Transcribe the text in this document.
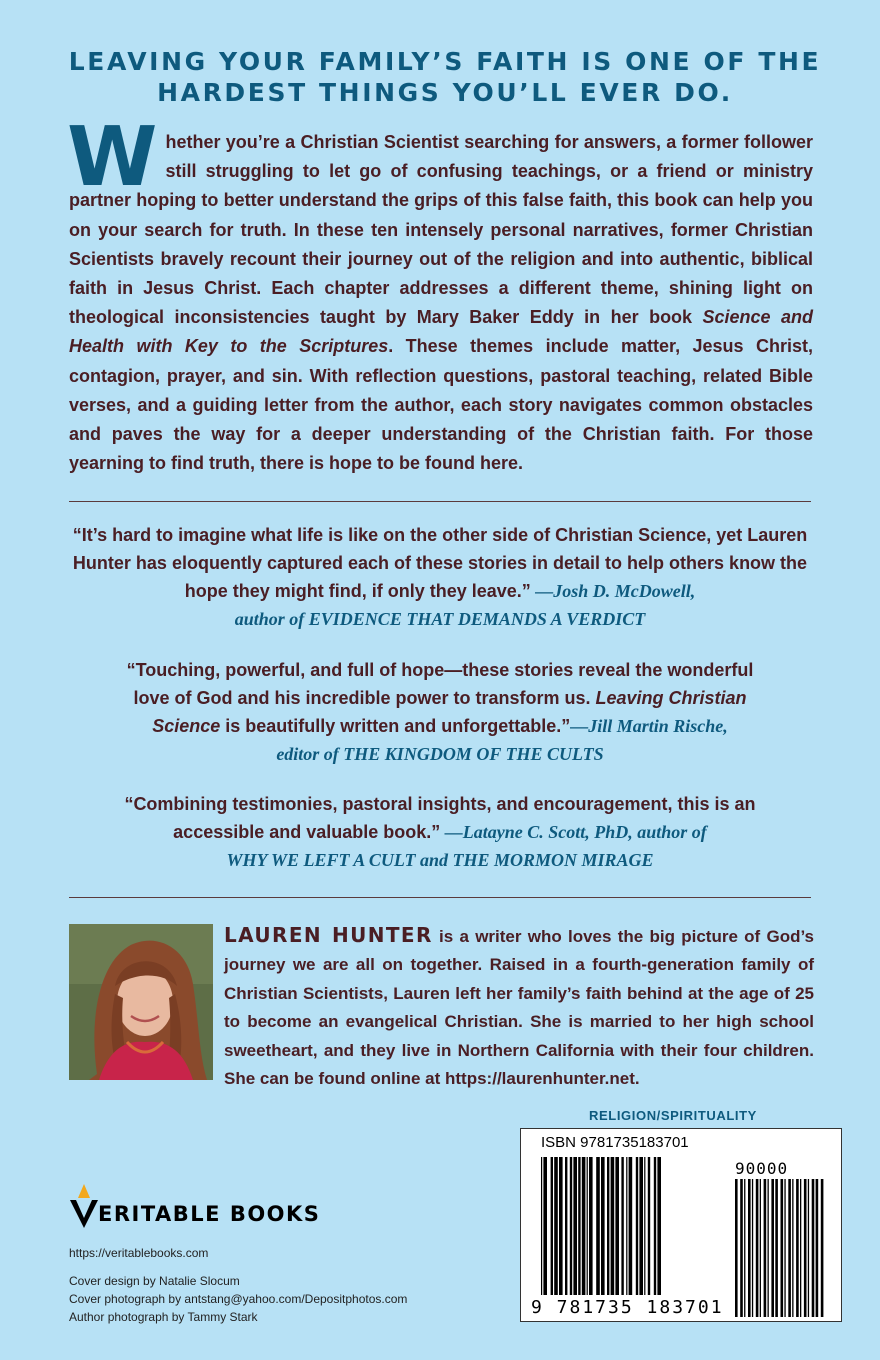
LEAVING YOUR FAMILY’S FAITH IS ONE OF THE
HARDEST THINGS YOU’LL EVER DO.
Whether you’re a Christian Scientist searching for answers, a former follower still struggling to let go of confusing teachings, or a friend or ministry partner hoping to better understand the grips of this false faith, this book can help you on your search for truth. In these ten intensely personal narratives, former Christian Scientists bravely recount their journey out of the religion and into authentic, biblical faith in Jesus Christ. Each chapter addresses a different theme, shining light on theological inconsistencies taught by Mary Baker Eddy in her book Science and Health with Key to the Scriptures. These themes include matter, Jesus Christ, contagion, prayer, and sin. With reflection questions, pastoral teaching, related Bible verses, and a guiding letter from the author, each story navigates common obstacles and paves the way for a deeper understanding of the Christian faith. For those yearning to find truth, there is hope to be found here.
“It’s hard to imagine what life is like on the other side of Christian Science, yet Lauren Hunter has eloquently captured each of these stories in detail to help others know the hope they might find, if only they leave.” —Josh D. McDowell,
author of EVIDENCE THAT DEMANDS A VERDICT
“Touching, powerful, and full of hope—these stories reveal the wonderful love of God and his incredible power to transform us. Leaving Christian Science is beautifully written and unforgettable.”—Jill Martin Rische,
editor of THE KINGDOM OF THE CULTS
“Combining testimonies, pastoral insights, and encouragement, this is an accessible and valuable book.” —Latayne C. Scott, PhD, author of
WHY WE LEFT A CULT and THE MORMON MIRAGE
LAUREN HUNTER is a writer who loves the big picture of God’s journey we are all on together. Raised in a fourth-generation family of Christian Scientists, Lauren left her family’s faith behind at the age of 25 to become an evangelical Christian. She is married to her high school sweetheart, and they live in Northern California with their four children. She can be found online at https://laurenhunter.net.
RELIGION/SPIRITUALITY
ISBN 9781735183701
90000
9 781735 183701
ERITABLE BOOKS
https://veritablebooks.com
Cover design by Natalie Slocum
Cover photograph by antstang@yahoo.com/Depositphotos.com
Author photograph by Tammy Stark
